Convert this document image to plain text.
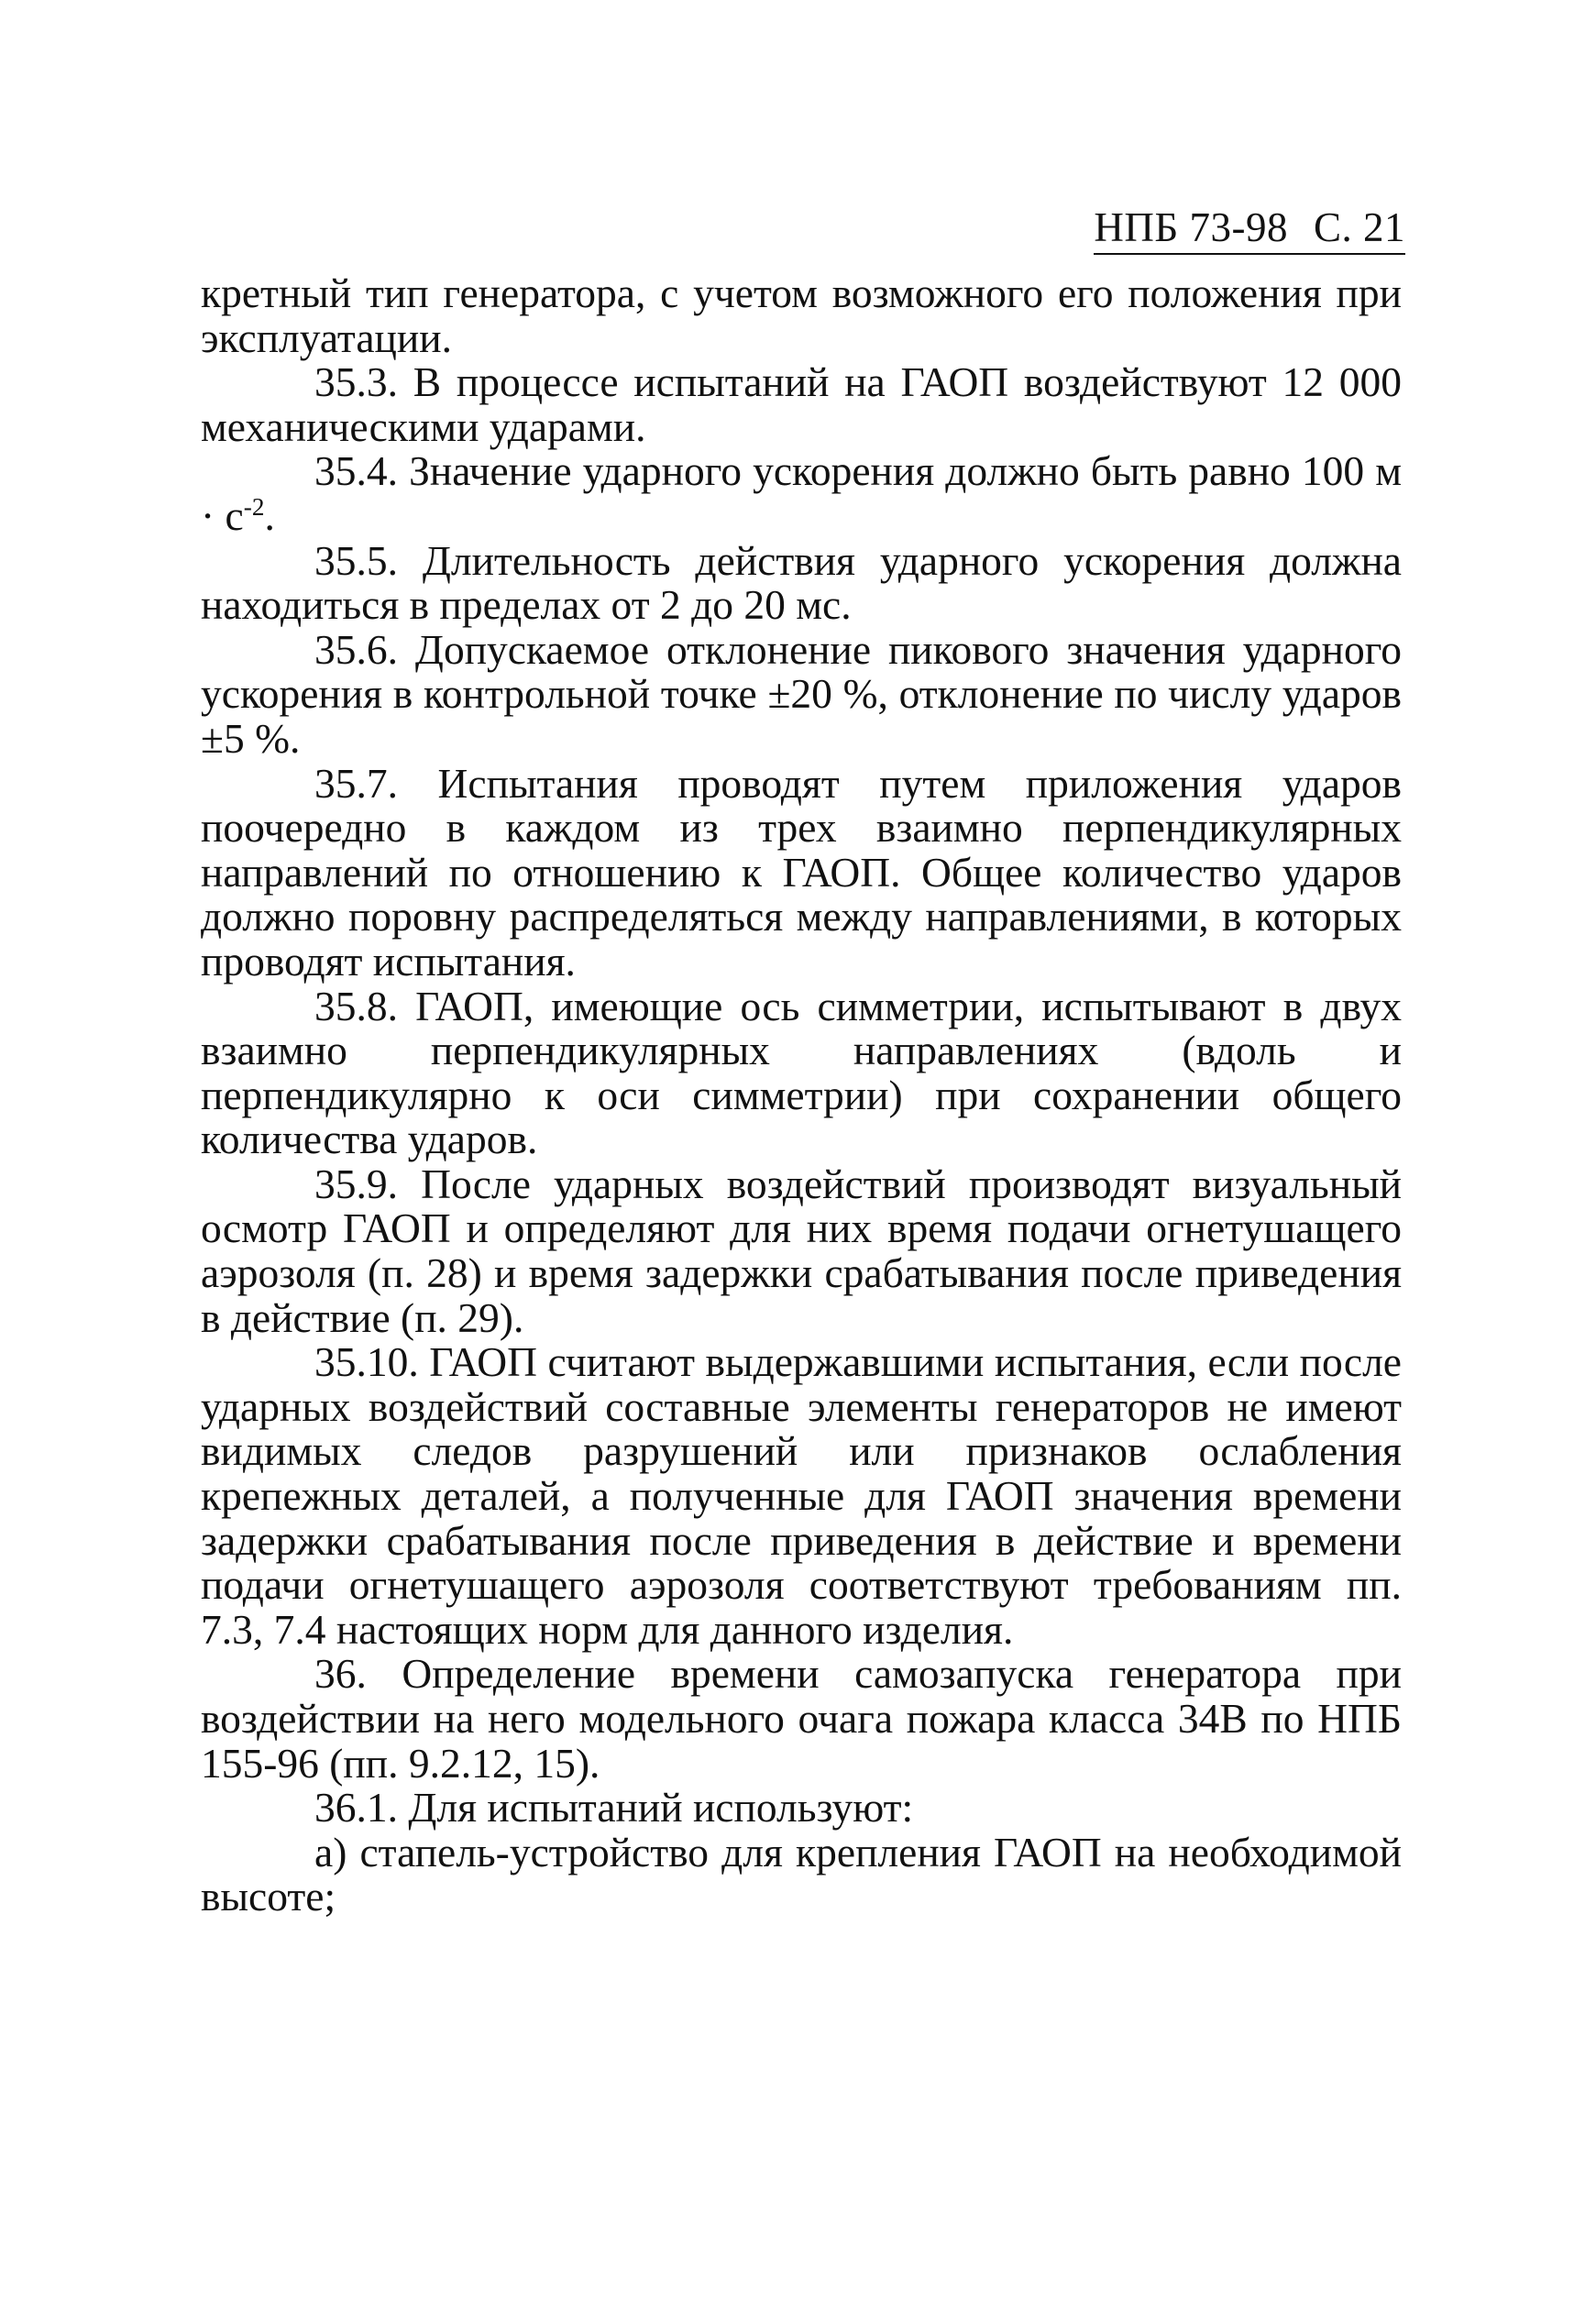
НПБ 73-98 С. 21

кретный тип генератора, с учетом возможного его положения при эксплуатации.

35.3. В процессе испытаний на ГАОП воздействуют 12 000 механическими ударами.

35.4. Значение ударного ускорения должно быть равно 100 $м \cdot с^{-2}$.

35.5. Длительность действия ударного ускорения должна находиться в пределах от 2 до 20 мс.

35.6. Допускаемое отклонение пикового значения ударного ускорения в контрольной точке ±20 %, отклонение по числу ударов ±5 %.

35.7. Испытания проводят путем приложения ударов поочередно в каждом из трех взаимно перпендикулярных направлений по отношению к ГАОП. Общее количество ударов должно поровну распределяться между направлениями, в которых проводят испытания.

35.8. ГАОП, имеющие ось симметрии, испытывают в двух взаимно перпендикулярных направлениях (вдоль и перпендикулярно к оси симметрии) при сохранении общего количества ударов.

35.9. После ударных воздействий производят визуальный осмотр ГАОП и определяют для них время подачи огнетушащего аэрозоля (п. 28) и время задержки срабатывания после приведения в действие (п. 29).

35.10. ГАОП считают выдержавшими испытания, если после ударных воздействий составные элементы генераторов не имеют видимых следов разрушений или признаков ослабления крепежных деталей, а полученные для ГАОП значения времени задержки срабатывания после приведения в действие и времени подачи огнетушащего аэрозоля соответствуют требованиям пп. 7.3, 7.4 настоящих норм для данного изделия.

36. Определение времени самозапуска генератора при воздействии на него модельного очага пожара класса 34В по НПБ 155-96 (пп. 9.2.12, 15).

36.1. Для испытаний используют:

а) стапель-устройство для крепления ГАОП на необходимой высоте;
